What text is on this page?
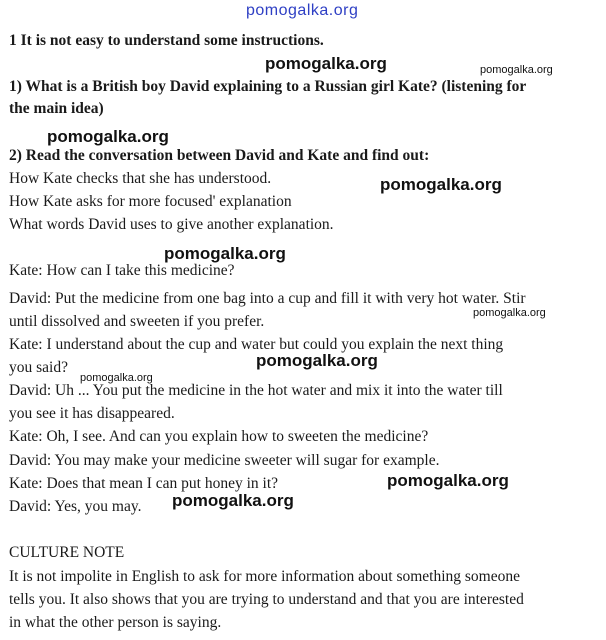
pomogalka.org

1 It is not easy to understand some instructions.

1) What is a British boy David explaining to a Russian girl Kate? (listening for

the main idea)

2) Read the conversation between David and Kate and find out:

How Kate checks that she has understood.

How Kate asks for more focused' explanation

What words David uses to give another explanation.

Kate: How can I take this medicine?

David: Put the medicine from one bag into a cup and fill it with very hot water. Stir

until dissolved and sweeten if you prefer.

Kate: I understand about the cup and water but could you explain the next thing

you said?

David: Uh ... You put the medicine in the hot water and mix it into the water till

you see it has disappeared.

Kate: Oh, I see. And can you explain how to sweeten the medicine?

David: You may make your medicine sweeter will sugar for example.

Kate: Does that mean I can put honey in it?

David: Yes, you may.

CULTURE NOTE

It is not impolite in English to ask for more information about something someone

tells you. It also shows that you are trying to understand and that you are interested

in what the other person is saying.

pomogalka.org	pomogalka.org
pomogalka.org
pomogalka.org
pomogalka.org
pomogalka.org
pomogalka.org
pomogalka.org
pomogalka.org
pomogalka.org
